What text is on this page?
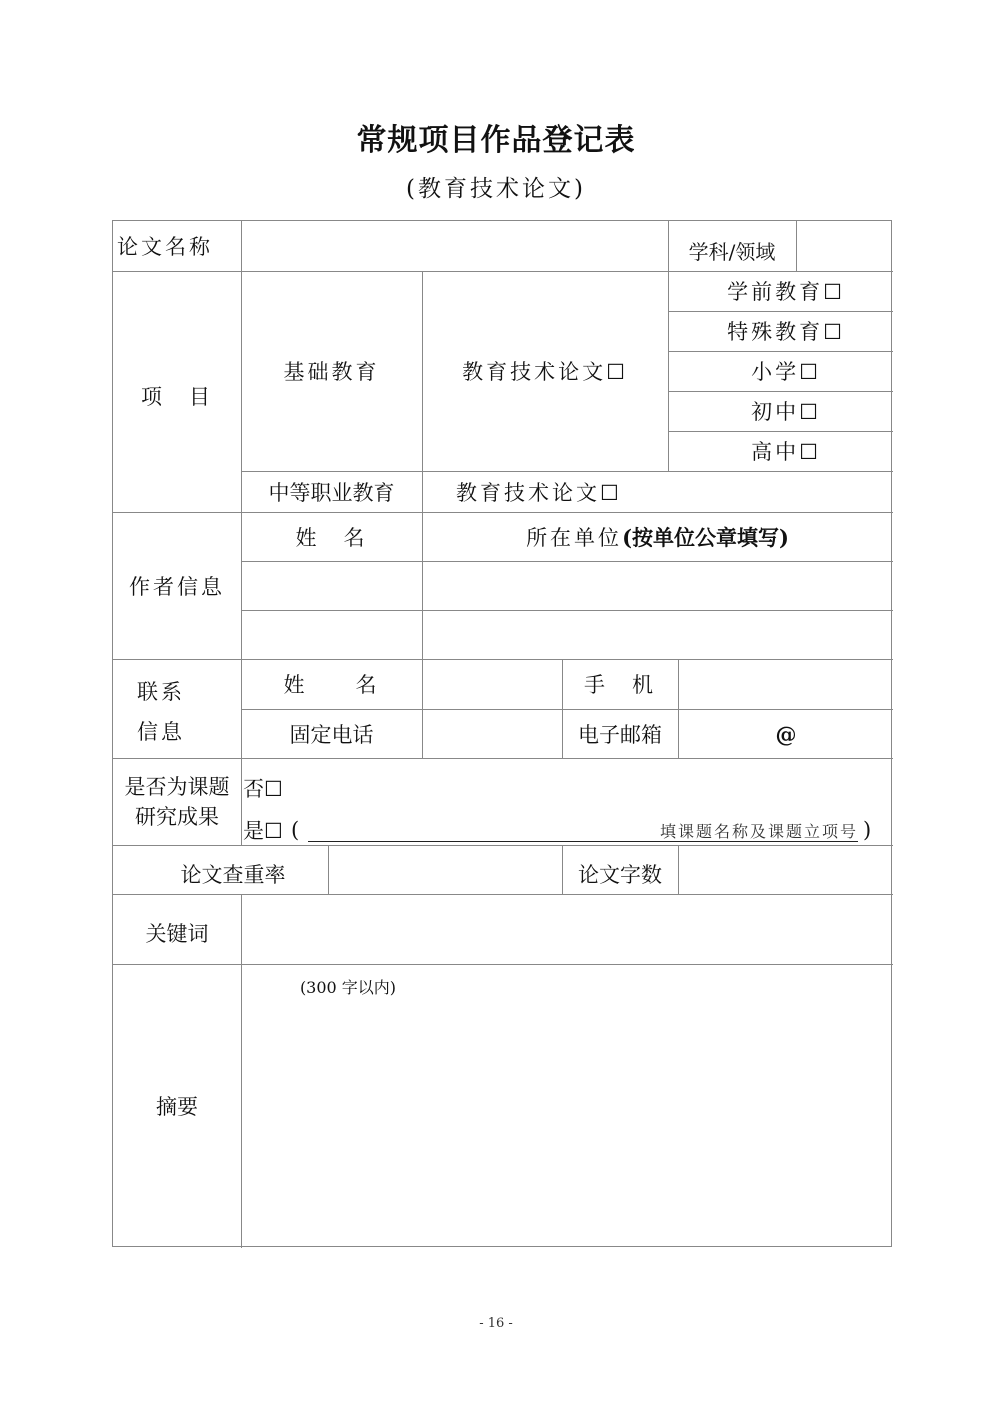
常规项目作品登记表
(教育技术论文)
论文名称	学科/领域
项　目
基础教育	教育技术论文☐
学前教育☐
特殊教育☐
小学☐
初中☐
高中☐
中等职业教育	教育技术论文☐
作者信息
姓　名	所在单位 (按单位公章填写)
联系
信息
姓　　名	手　机
固定电话	电子邮箱	@
是否为课题
研究成果
否☐
是☐ (	填课题名称及课题立项号 )
论文查重率	论文字数
关键词
摘要
(300 字以内)
- 16 -
